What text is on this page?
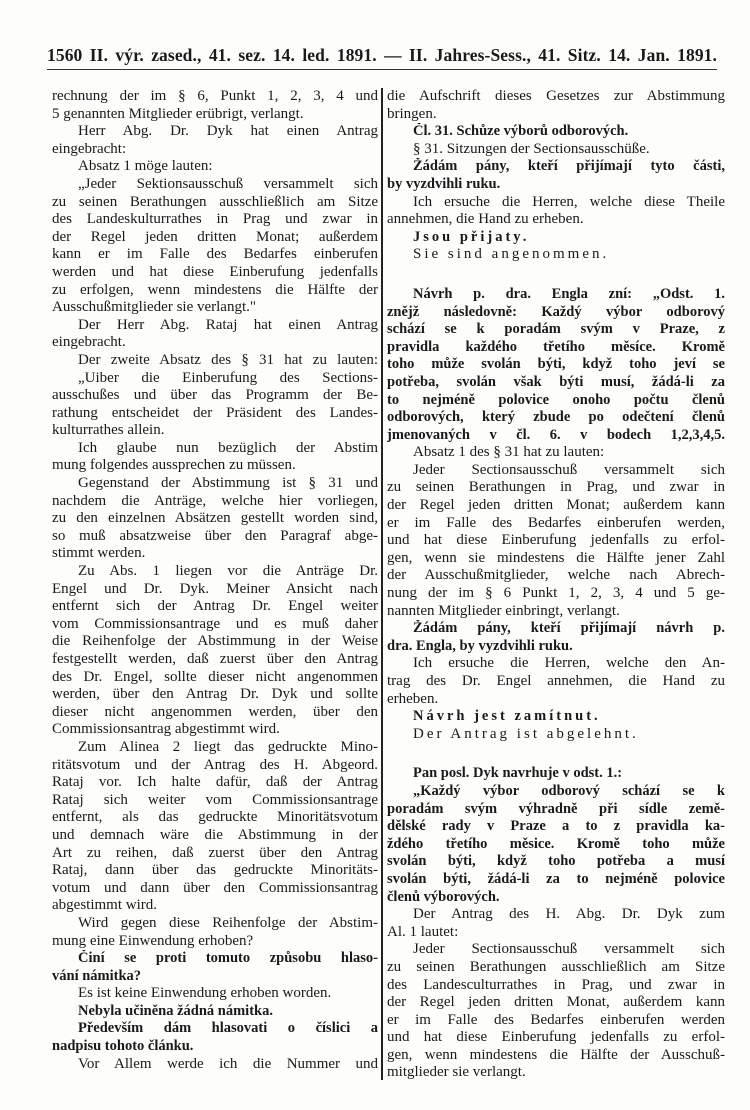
1560 II. výr. zased., 41. sez. 14. led. 1891. — II. Jahres-Sess., 41. Sitz. 14. Jan. 1891.
rechnung der im § 6, Punkt 1, 2, 3, 4 und
5 genannten Mitglieder erübrigt, verlangt.
Herr Abg. Dr. Dyk hat einen Antrag
eingebracht:
Absatz 1 möge lauten:
„Jeder Sektionsausschuß versammelt sich
zu seinen Berathungen ausschließlich am Sitze
des Landeskulturrathes in Prag und zwar in
der Regel jeden dritten Monat; außerdem
kann er im Falle des Bedarfes einberufen
werden und hat diese Einberufung jedenfalls
zu erfolgen, wenn mindestens die Hälfte der
Ausschußmitglieder sie verlangt."
Der Herr Abg. Rataj hat einen Antrag
eingebracht.
Der zweite Absatz des § 31 hat zu lauten:
„Uiber die Einberufung des Sections-
ausschußes und über das Programm der Be-
rathung entscheidet der Präsident des Landes-
kulturrathes allein.
Ich glaube nun bezüglich der Abstim
mung folgendes aussprechen zu müssen.
Gegenstand der Abstimmung ist § 31 und
nachdem die Anträge, welche hier vorliegen,
zu den einzelnen Absätzen gestellt worden sind,
so muß absatzweise über den Paragraf abge-
stimmt werden.
Zu Abs. 1 liegen vor die Anträge Dr.
Engel und Dr. Dyk. Meiner Ansicht nach
entfernt sich der Antrag Dr. Engel weiter
vom Commissionsantrage und es muß daher
die Reihenfolge der Abstimmung in der Weise
festgestellt werden, daß zuerst über den Antrag
des Dr. Engel, sollte dieser nicht angenommen
werden, über den Antrag Dr. Dyk und sollte
dieser nicht angenommen werden, über den
Commissionsantrag abgestimmt wird.
Zum Alinea 2 liegt das gedruckte Mino-
ritätsvotum und der Antrag des H. Abgeord.
Rataj vor. Ich halte dafür, daß der Antrag
Rataj sich weiter vom Commissionsantrage
entfernt, als das gedruckte Minoritätsvotum
und demnach wäre die Abstimmung in der
Art zu reihen, daß zuerst über den Antrag
Rataj, dann über das gedruckte Minoritäts-
votum und dann über den Commissionsantrag
abgestimmt wird.
Wird gegen diese Reihenfolge der Abstim-
mung eine Einwendung erhoben?
Činí se proti tomuto způsobu hlaso-
vání námitka?
Es ist keine Einwendung erhoben worden.
Nebyla učiněna žádná námitka.
Především dám hlasovati o číslici a
nadpisu tohoto článku.
Vor Allem werde ich die Nummer und
die Aufschrift dieses Gesetzes zur Abstimmung
bringen.
Čl. 31. Schůze výborů odborových.
§ 31. Sitzungen der Sectionsausschüße.
Žádám pány, kteří přijímají tyto části,
by vyzdvihli ruku.
Ich ersuche die Herren, welche diese Theile
annehmen, die Hand zu erheben.
Jsou přijaty.
Sie sind angenommen.
Návrh p. dra. Engla zní: „Odst. 1.
znějž následovně: Každý výbor odborový
schází se k poradám svým v Praze, z
pravidla každého třetího měsíce. Kromě
toho může svolán býti, když toho jeví se
potřeba, svolán však býti musí, žádá-li za
to nejméně polovice onoho počtu členů
odborových, který zbude po odečtení členů
jmenovaných v čl. 6. v bodech 1,2,3,4,5.
Absatz 1 des § 31 hat zu lauten:
Jeder Sectionsausschuß versammelt sich
zu seinen Berathungen in Prag, und zwar in
der Regel jeden dritten Monat; außerdem kann
er im Falle des Bedarfes einberufen werden,
und hat diese Einberufung jedenfalls zu erfol-
gen, wenn sie mindestens die Hälfte jener Zahl
der Ausschußmitglieder, welche nach Abrech-
nung der im § 6 Punkt 1, 2, 3, 4 und 5 ge-
nannten Mitglieder einbringt, verlangt.
Žádám pány, kteří přijímají návrh p.
dra. Engla, by vyzdvihli ruku.
Ich ersuche die Herren, welche den An-
trag des Dr. Engel annehmen, die Hand zu
erheben.
Návrh jest zamítnut.
Der Antrag ist abgelehnt.
Pan posl. Dyk navrhuje v odst. 1.:
„Každý výbor odborový schází se k
poradám svým výhradně při sídle země-
dělské rady v Praze a to z pravidla ka-
ždého třetího měsice. Kromě toho může
svolán býti, když toho potřeba a musí
svolán býti, žádá-li za to nejméně polovice
členů výborových.
Der Antrag des H. Abg. Dr. Dyk zum
Al. 1 lautet:
Jeder Sectionsausschuß versammelt sich
zu seinen Berathungen ausschließlich am Sitze
des Landesculturrathes in Prag, und zwar in
der Regel jeden dritten Monat, außerdem kann
er im Falle des Bedarfes einberufen werden
und hat diese Einberufung jedenfalls zu erfol-
gen, wenn mindestens die Hälfte der Ausschuß-
mitglieder sie verlangt.
